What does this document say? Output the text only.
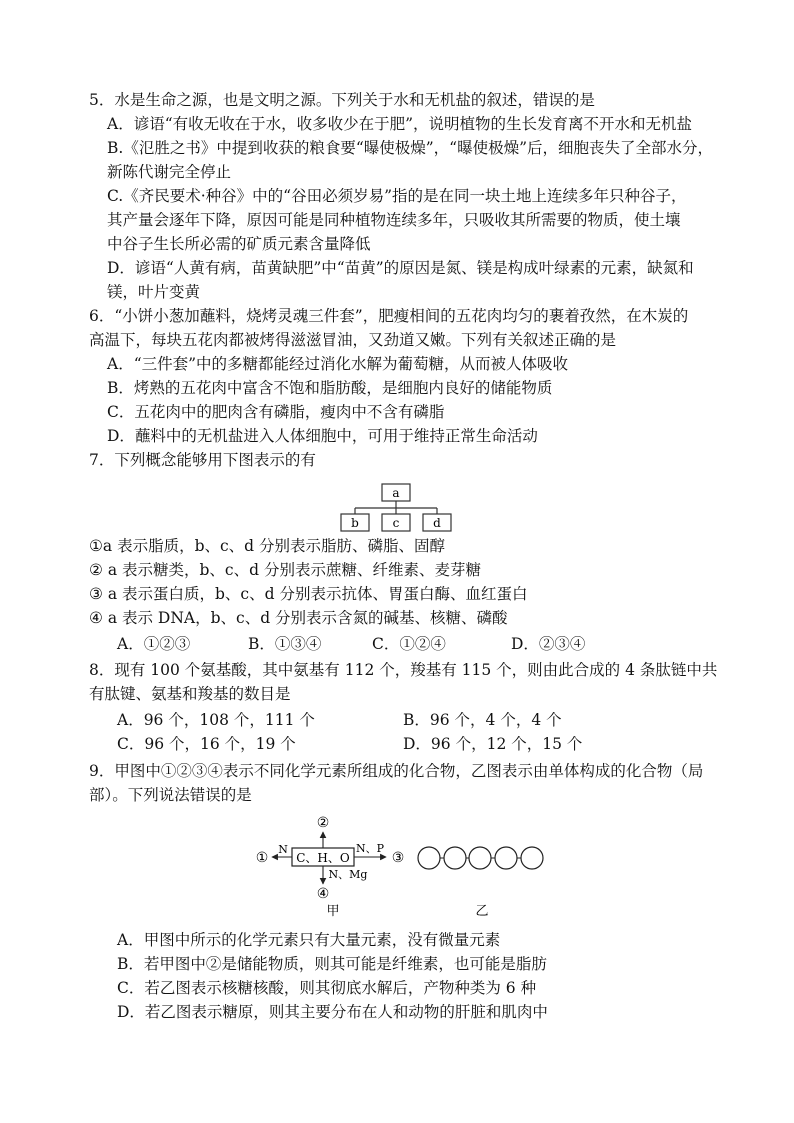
5．水是生命之源，也是文明之源。下列关于水和无机盐的叙述，错误的是
A．谚语“有收无收在于水，收多收少在于肥”，说明植物的生长发育离不开水和无机盐
B.《氾胜之书》中提到收获的粮食要“曝使极燥”，“曝使极燥”后，细胞丧失了全部水分，
新陈代谢完全停止
C.《齐民要术·种谷》中的“谷田必须岁易”指的是在同一块土地上连续多年只种谷子，
其产量会逐年下降，原因可能是同种植物连续多年，只吸收其所需要的物质，使土壤
中谷子生长所必需的矿质元素含量降低
D．谚语“人黄有病，苗黄缺肥”中“苗黄”的原因是氮、镁是构成叶绿素的元素，缺氮和
镁，叶片变黄
6．“小饼小葱加蘸料，烧烤灵魂三件套”，肥瘦相间的五花肉均匀的裹着孜然，在木炭的
高温下，每块五花肉都被烤得滋滋冒油，又劲道又嫩。下列有关叙述正确的是
A．“三件套”中的多糖都能经过消化水解为葡萄糖，从而被人体吸收
B．烤熟的五花肉中富含不饱和脂肪酸，是细胞内良好的储能物质
C．五花肉中的肥肉含有磷脂，瘦肉中不含有磷脂
D．蘸料中的无机盐进入人体细胞中，可用于维持正常生命活动
7．下列概念能够用下图表示的有
a
b	c	d
①a 表示脂质，b、c、d 分别表示脂肪、磷脂、固醇
② a 表示糖类，b、c、d 分别表示蔗糖、纤维素、麦芽糖
③ a 表示蛋白质，b、c、d 分别表示抗体、胃蛋白酶、血红蛋白
④ a 表示 DNA，b、c、d 分别表示含氮的碱基、核糖、磷酸
A．①②③	B．①③④	C．①②④	D．②③④
8．现有 100 个氨基酸，其中氨基有 112 个，羧基有 115 个，则由此合成的 4 条肽链中共
有肽键、氨基和羧基的数目是
A．96 个，108 个，111 个	B．96 个，4 个，4 个
C．96 个，16 个，19 个	D．96 个，12 个，15 个
9．甲图中①②③④表示不同化学元素所组成的化合物，乙图表示由单体构成的化合物（局
部）。下列说法错误的是
C、H、O
②
N
①
N、P
③
N、Mg
④
甲	乙
A．甲图中所示的化学元素只有大量元素，没有微量元素
B．若甲图中②是储能物质，则其可能是纤维素，也可能是脂肪
C．若乙图表示核糖核酸，则其彻底水解后，产物种类为 6 种
D．若乙图表示糖原，则其主要分布在人和动物的肝脏和肌肉中
